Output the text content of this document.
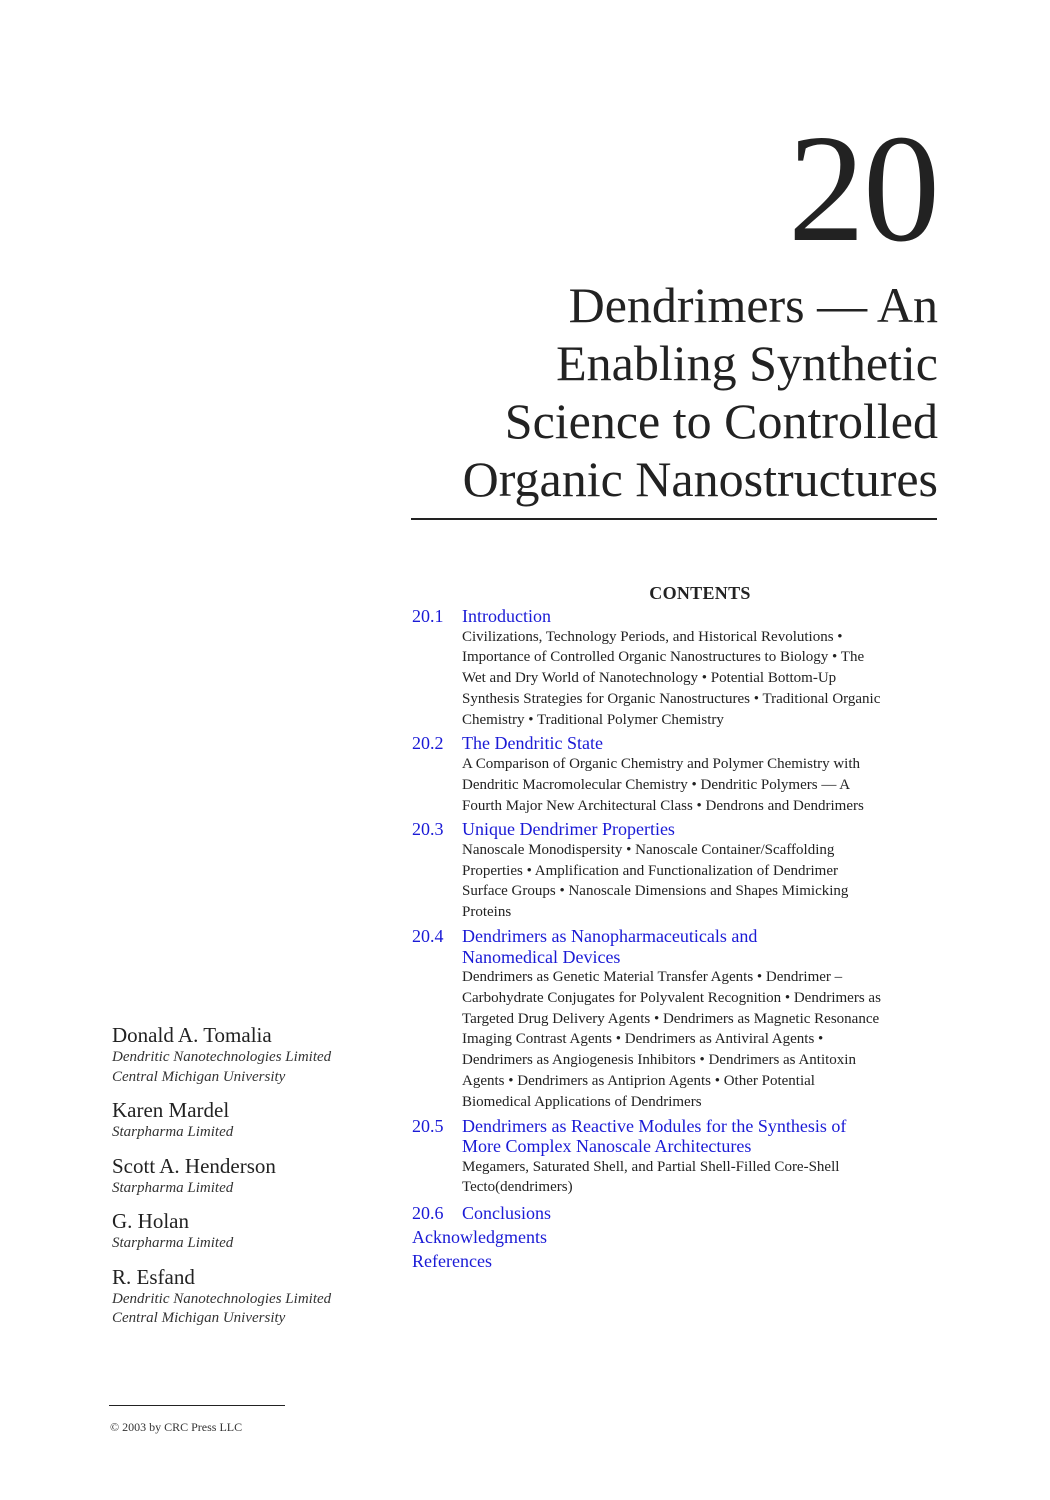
20
Dendrimers — An
Enabling Synthetic
Science to Controlled
Organic Nanostructures
CONTENTS
20.1	Introduction
Civilizations, Technology Periods, and Historical Revolutions • Importance of Controlled Organic Nanostructures to Biology • The Wet and Dry World of Nanotechnology • Potential Bottom-Up Synthesis Strategies for Organic Nanostructures • Traditional Organic Chemistry • Traditional Polymer Chemistry
20.2	The Dendritic State
A Comparison of Organic Chemistry and Polymer Chemistry with Dendritic Macromolecular Chemistry • Dendritic Polymers — A Fourth Major New Architectural Class • Dendrons and Dendrimers
20.3	Unique Dendrimer Properties
Nanoscale Monodispersity • Nanoscale Container/Scaffolding Properties • Amplification and Functionalization of Dendrimer Surface Groups • Nanoscale Dimensions and Shapes Mimicking Proteins
20.4	Dendrimers as Nanopharmaceuticals and Nanomedical Devices
Dendrimers as Genetic Material Transfer Agents • Dendrimer – Carbohydrate Conjugates for Polyvalent Recognition • Dendrimers as Targeted Drug Delivery Agents • Dendrimers as Magnetic Resonance Imaging Contrast Agents • Dendrimers as Antiviral Agents • Dendrimers as Angiogenesis Inhibitors • Dendrimers as Antitoxin Agents • Dendrimers as Antiprion Agents • Other Potential Biomedical Applications of Dendrimers
20.5	Dendrimers as Reactive Modules for the Synthesis of More Complex Nanoscale Architectures
Megamers, Saturated Shell, and Partial Shell-Filled Core-Shell Tecto(dendrimers)
20.6	Conclusions
Acknowledgments
References
Donald A. Tomalia
Dendritic Nanotechnologies Limited
Central Michigan University
Karen Mardel
Starpharma Limited
Scott A. Henderson
Starpharma Limited
G. Holan
Starpharma Limited
R. Esfand
Dendritic Nanotechnologies Limited
Central Michigan University
© 2003 by CRC Press LLC
